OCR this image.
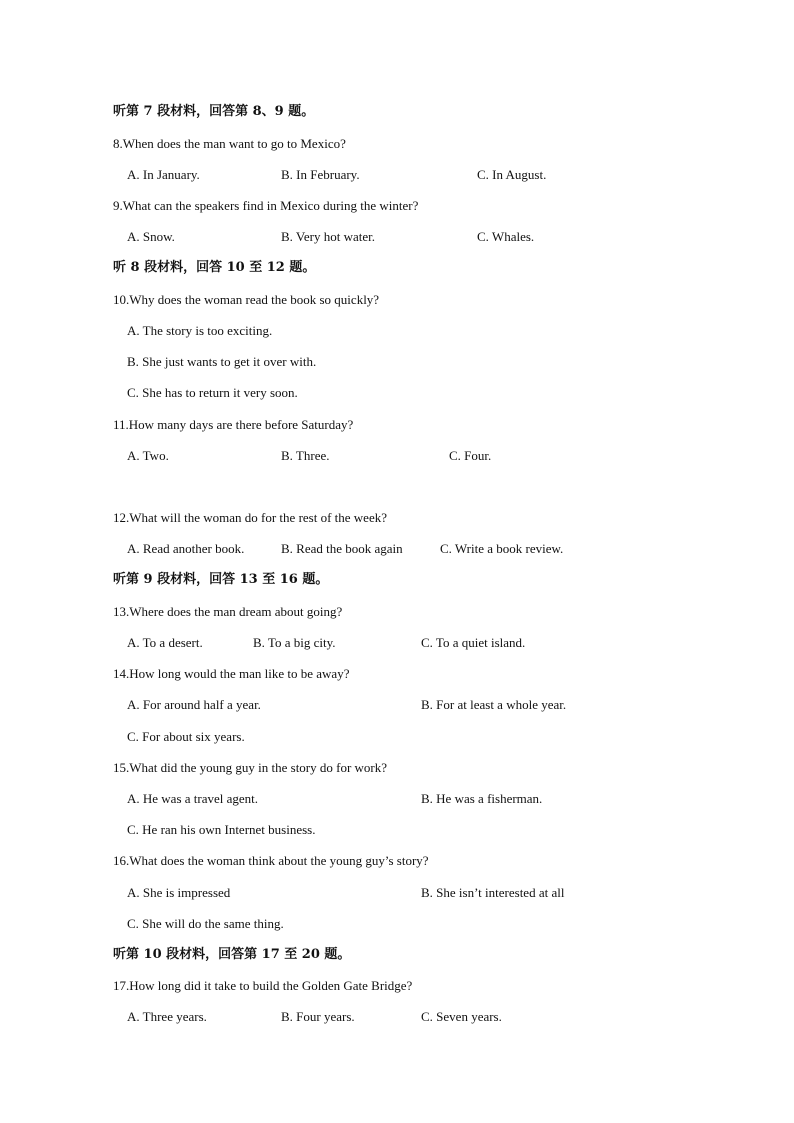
听第 7 段材料，回答第 8、9 题。
8.When does the man want to go to Mexico?
A. In January.	B. In February.	C. In August.
9.What can the speakers find in Mexico during the winter?
A. Snow.	B. Very hot water.	C. Whales.
听 8 段材料，回答 10 至 12 题。
10.Why does the woman read the book so quickly?
A. The story is too exciting.
B. She just wants to get it over with.
C. She has to return it very soon.
11.How many days are there before Saturday?
A. Two.	B. Three.	C. Four.
12.What will the woman do for the rest of the week?
A. Read another book.	B. Read the book again	C. Write a book review.
听第 9 段材料，回答 13 至 16 题。
13.Where does the man dream about going?
A. To a desert.	B. To a big city.	C. To a quiet island.
14.How long would the man like to be away?
A. For around half a year.	B. For at least a whole year.
C. For about six years.
15.What did the young guy in the story do for work?
A. He was a travel agent.	B. He was a fisherman.
C. He ran his own Internet business.
16.What does the woman think about the young guy’s story?
A. She is impressed	B. She isn’t interested at all
C. She will do the same thing.
听第 10 段材料，回答第 17 至 20 题。
17.How long did it take to build the Golden Gate Bridge?
A. Three years.	B. Four years.	C. Seven years.
